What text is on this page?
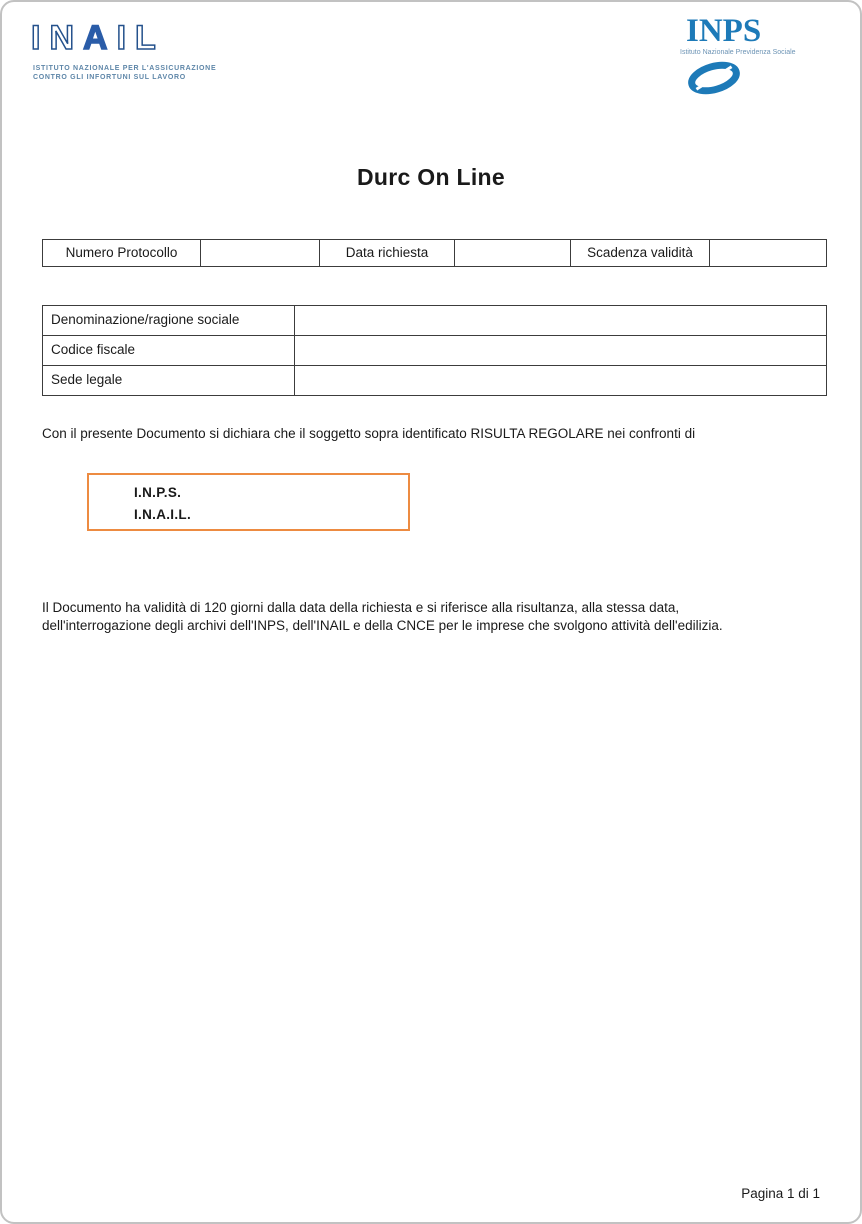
INAIL
ISTITUTO NAZIONALE PER L'ASSICURAZIONE
CONTRO GLI INFORTUNI SUL LAVORO
INPS
Istituto Nazionale Previdenza Sociale
Durc On Line
Numero Protocollo	Data richiesta	Scadenza validità
Denominazione/ragione sociale
Codice fiscale
Sede legale
Con il presente Documento si dichiara che il soggetto sopra identificato RISULTA REGOLARE nei confronti di
I.N.P.S.
I.N.A.I.L.
Il Documento ha validità di 120 giorni dalla data della richiesta e si riferisce alla risultanza, alla stessa data,
dell'interrogazione degli archivi dell'INPS, dell'INAIL e della CNCE per le imprese che svolgono attività dell'edilizia.
Pagina 1 di 1
